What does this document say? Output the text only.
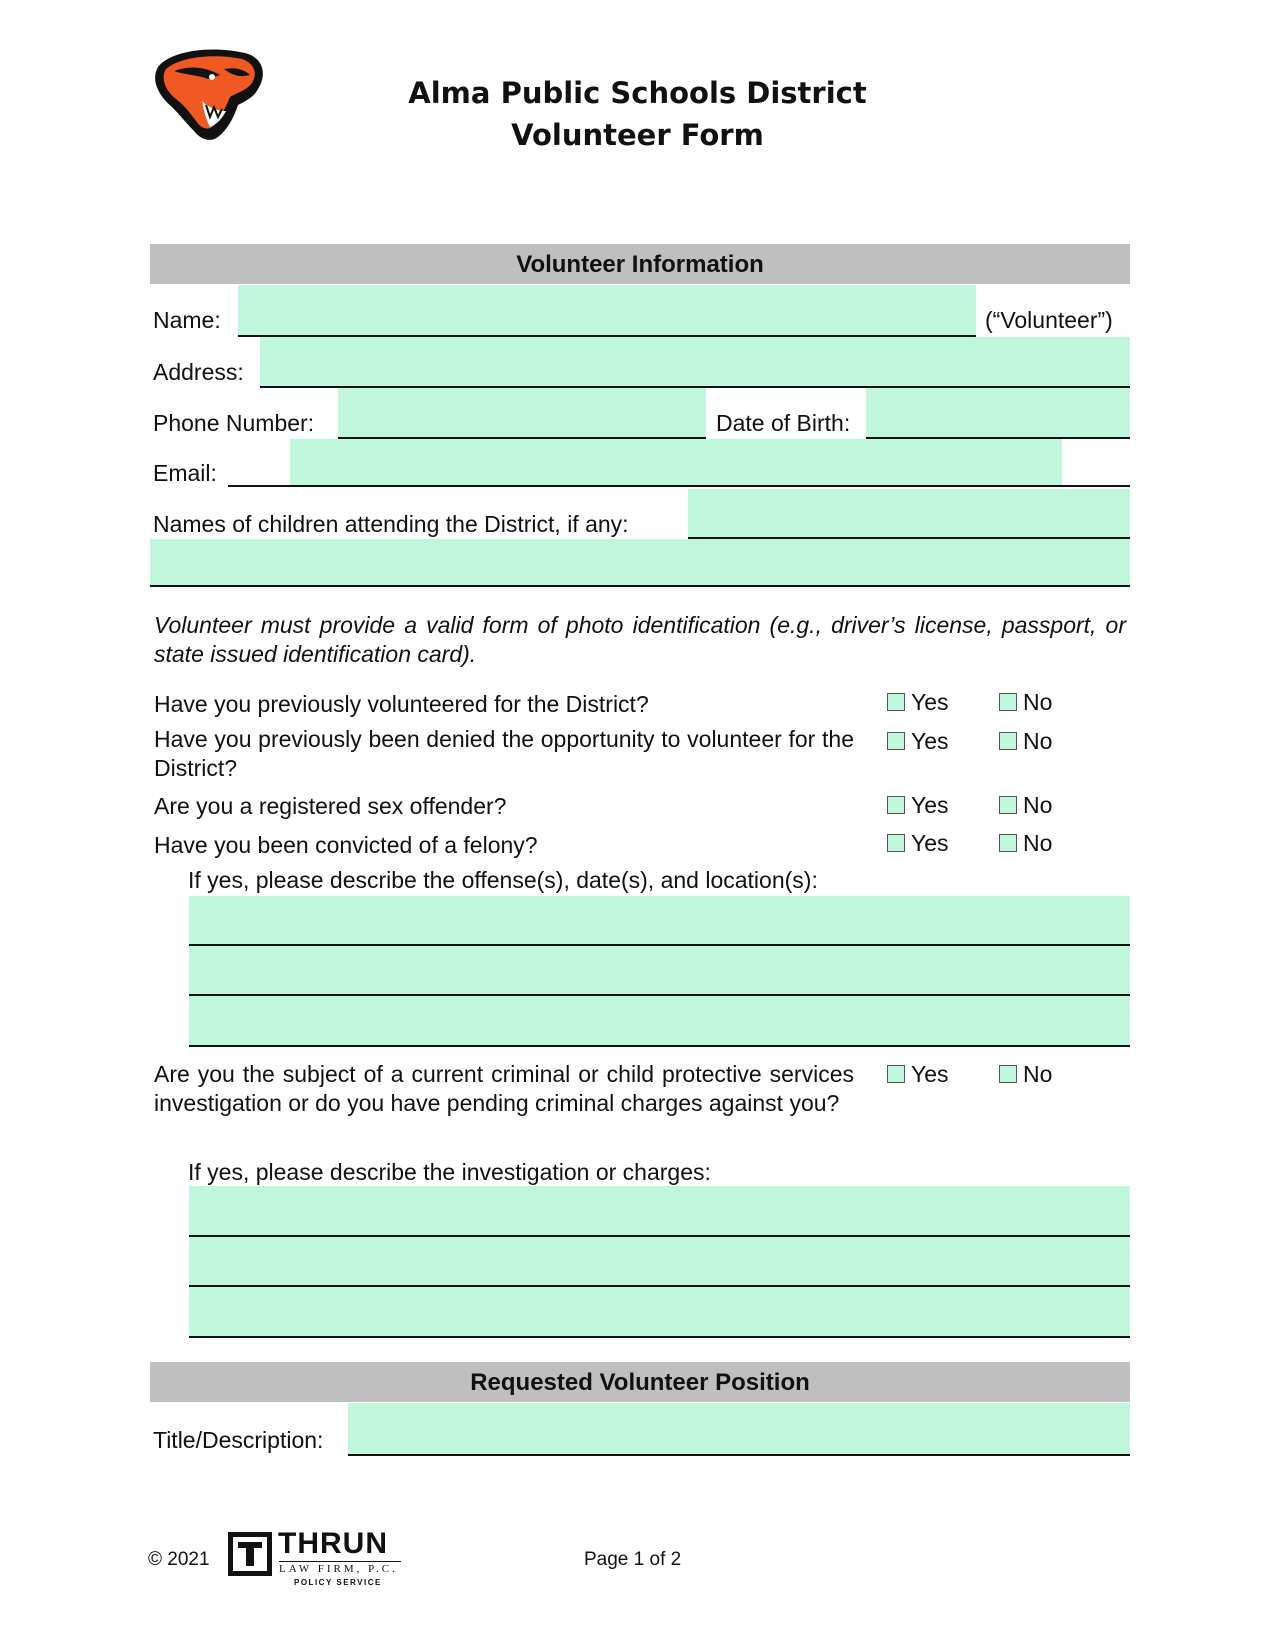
Alma Public Schools District
Volunteer Form
Volunteer Information
Name:	(“Volunteer”)
Address:
Phone Number:	Date of Birth:
Email:
Names of children attending the District, if any:
Volunteer must provide a valid form of photo identification (e.g., driver’s license, passport, or state issued identification card).
Have you previously volunteered for the District?	Yes	No
Have you previously been denied the opportunity to volunteer for the District?
Yes	No
Are you a registered sex offender?	Yes	No
Have you been convicted of a felony?	Yes	No
If yes, please describe the offense(s), date(s), and location(s):
Are you the subject of a current criminal or child protective services investigation or do you have pending criminal charges against you?
Yes	No
If yes, please describe the investigation or charges:
Requested Volunteer Position
Title/Description:
© 2021 THRUN
LAW FIRM, P.C.
POLICY SERVICE
Page 1 of 2
